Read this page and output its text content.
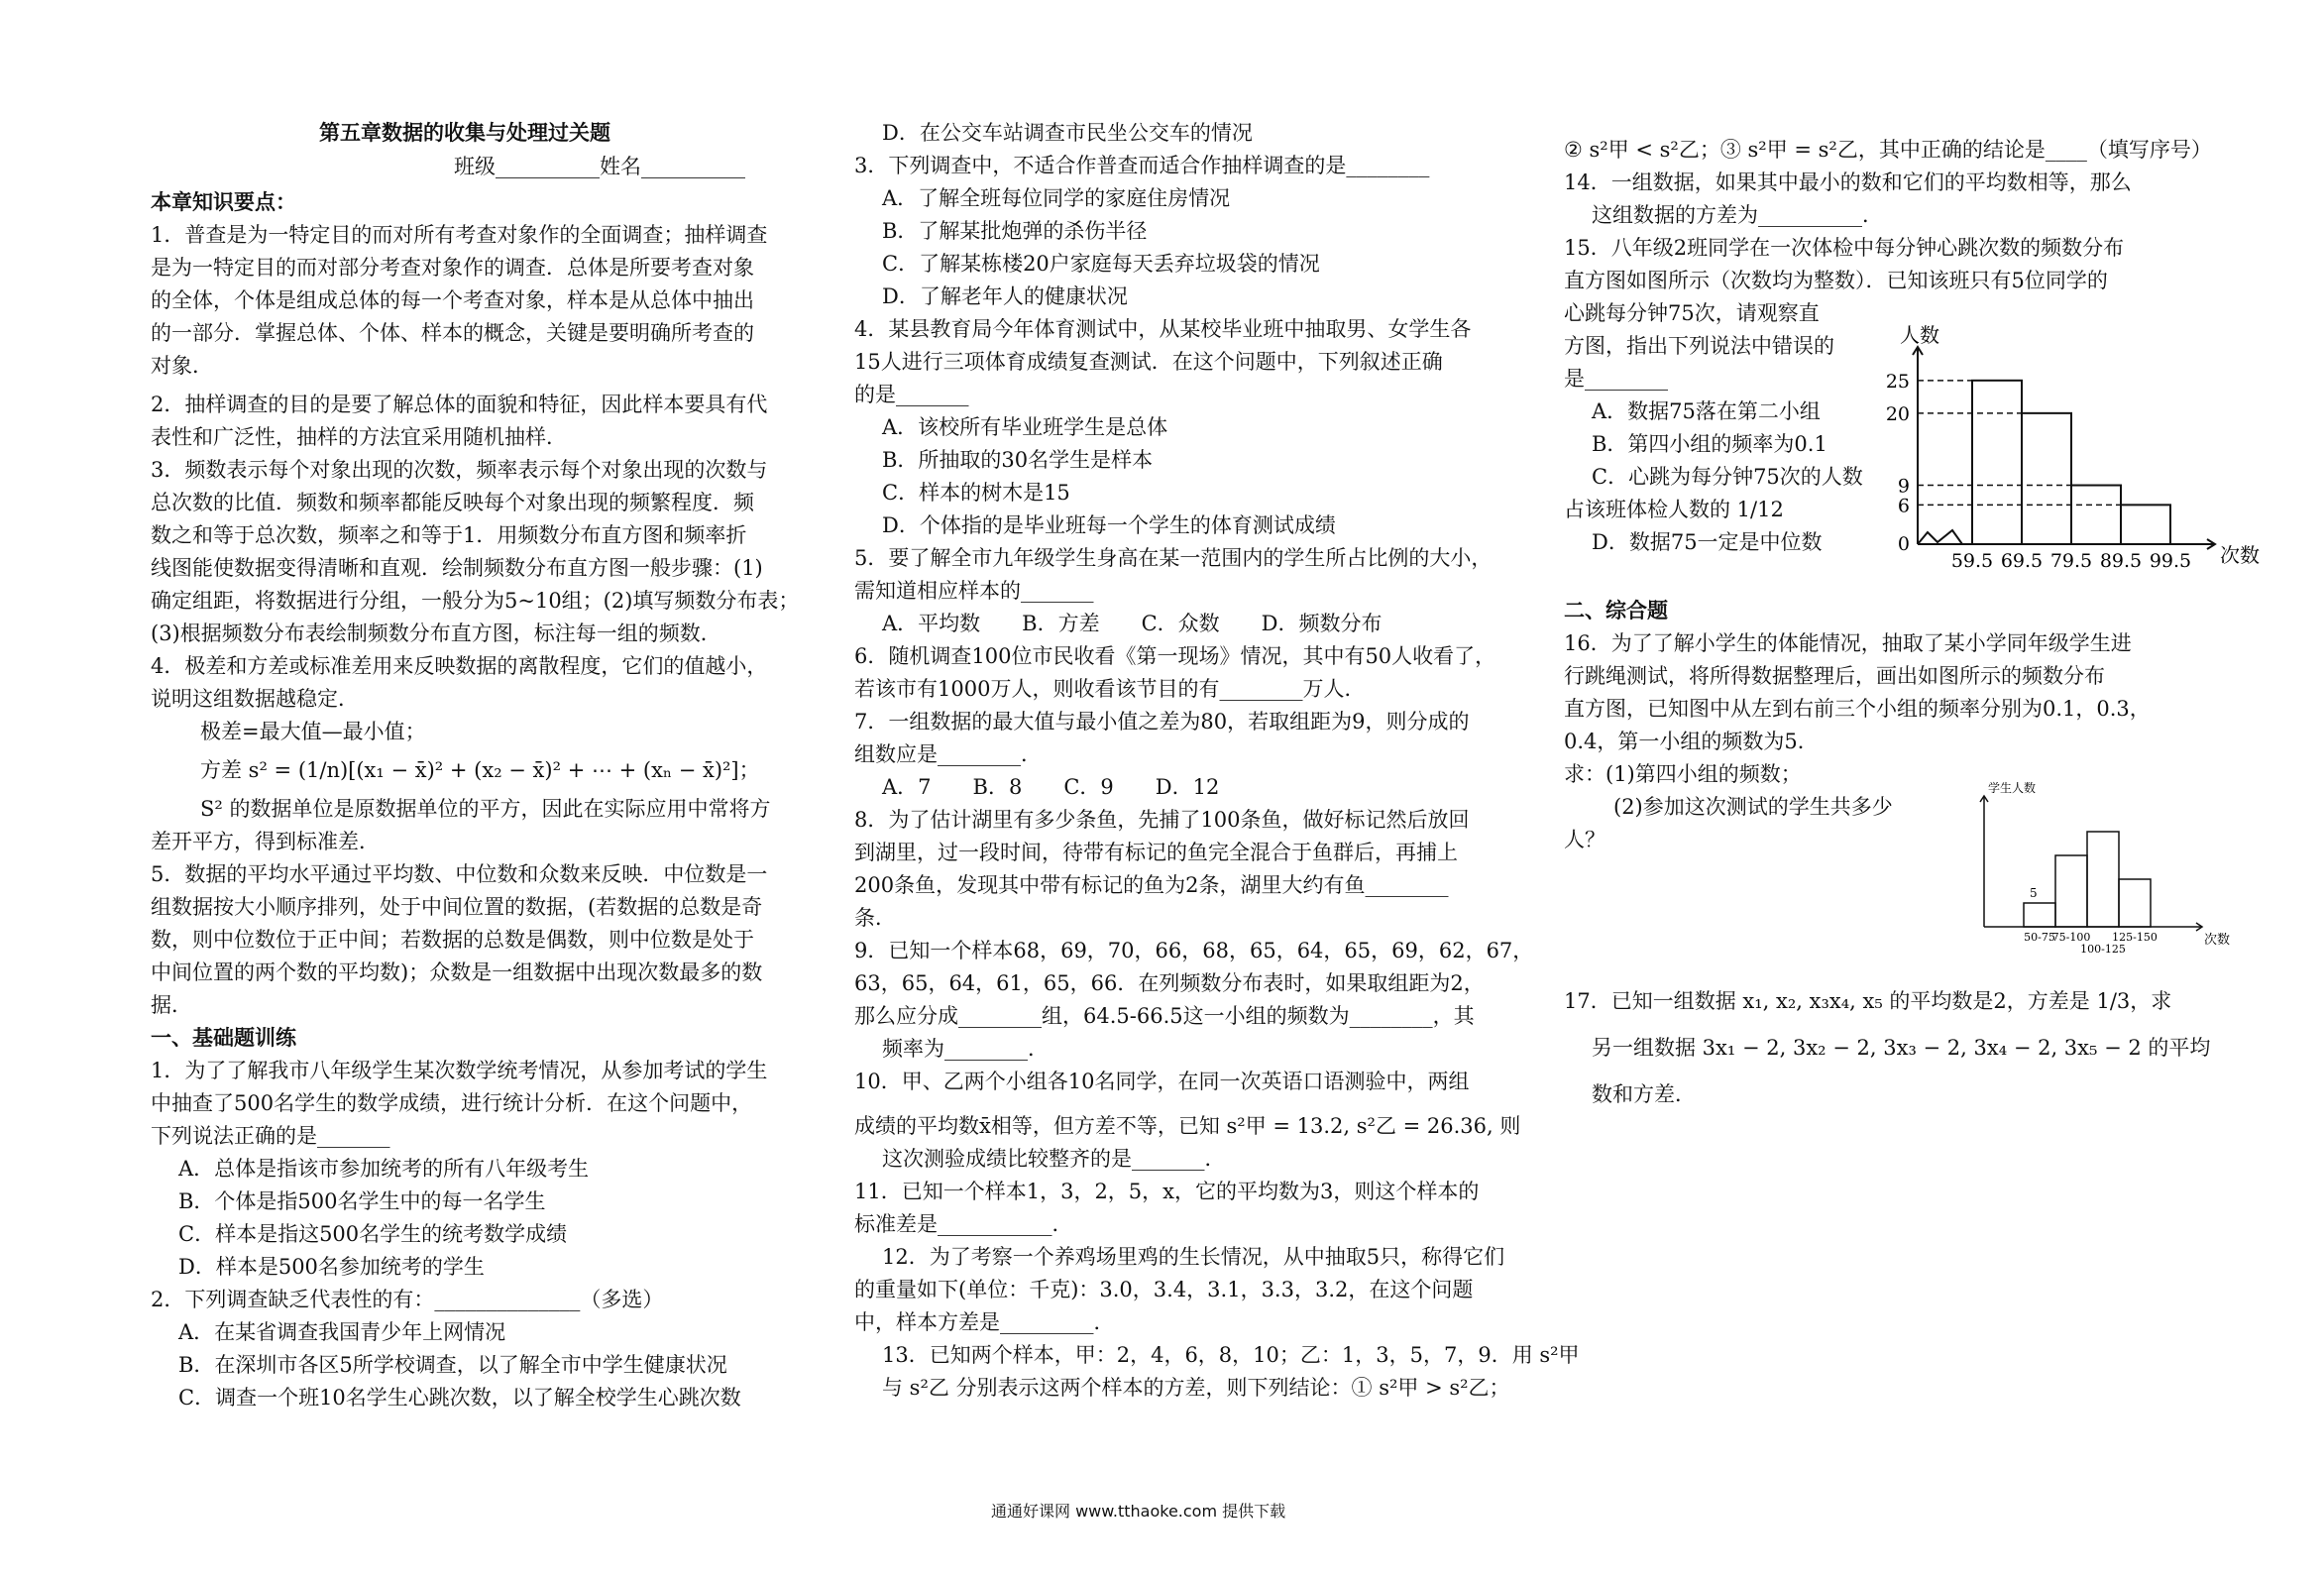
第五章数据的收集与处理过关题
班级__________姓名__________
本章知识要点：
1．普查是为一特定目的而对所有考查对象作的全面调查；抽样调查
是为一特定目的而对部分考查对象作的调查．总体是所要考查对象
的全体，个体是组成总体的每一个考查对象，样本是从总体中抽出
的一部分．掌握总体、个体、样本的概念，关键是要明确所考查的
对象．
2．抽样调查的目的是要了解总体的面貌和特征，因此样本要具有代
表性和广泛性，抽样的方法宜采用随机抽样．
3．频数表示每个对象出现的次数，频率表示每个对象出现的次数与
总次数的比值．频数和频率都能反映每个对象出现的频繁程度．频
数之和等于总次数，频率之和等于1．用频数分布直方图和频率折
线图能使数据变得清晰和直观．绘制频数分布直方图一般步骤：(1)
确定组距，将数据进行分组，一般分为5~10组；(2)填写频数分布表；
(3)根据频数分布表绘制频数分布直方图，标注每一组的频数．
4．极差和方差或标准差用来反映数据的离散程度，它们的值越小，
说明这组数据越稳定．
极差=最大值—最小值；
方差 s² = (1/n)[(x₁ − x̄)² + (x₂ − x̄)² + ⋯ + (xₙ − x̄)²]；
S² 的数据单位是原数据单位的平方，因此在实际应用中常将方
差开平方，得到标准差．
5．数据的平均水平通过平均数、中位数和众数来反映．中位数是一
组数据按大小顺序排列，处于中间位置的数据，(若数据的总数是奇
数，则中位数位于正中间；若数据的总数是偶数，则中位数是处于
中间位置的两个数的平均数)；众数是一组数据中出现次数最多的数
据．
一、基础题训练
1．为了了解我市八年级学生某次数学统考情况，从参加考试的学生
中抽查了500名学生的数学成绩，进行统计分析．在这个问题中，
下列说法正确的是_______
A．总体是指该市参加统考的所有八年级考生
B．个体是指500名学生中的每一名学生
C．样本是指这500名学生的统考数学成绩
D．样本是500名参加统考的学生
2．下列调查缺乏代表性的有：______________（多选）
A．在某省调查我国青少年上网情况
B．在深圳市各区5所学校调查，以了解全市中学生健康状况
C．调查一个班10名学生心跳次数，以了解全校学生心跳次数
D．在公交车站调查市民坐公交车的情况
3．下列调查中，不适合作普查而适合作抽样调查的是________
A．了解全班每位同学的家庭住房情况
B．了解某批炮弹的杀伤半径
C．了解某栋楼20户家庭每天丢弃垃圾袋的情况
D．了解老年人的健康状况
4．某县教育局今年体育测试中，从某校毕业班中抽取男、女学生各
15人进行三项体育成绩复查测试．在这个问题中，下列叙述正确
的是_______
A．该校所有毕业班学生是总体
B．所抽取的30名学生是样本
C．样本的树木是15
D．个体指的是毕业班每一个学生的体育测试成绩
5．要了解全市九年级学生身高在某一范围内的学生所占比例的大小，
需知道相应样本的_______
A．平均数　　B．方差　　C．众数　　D．频数分布
6．随机调查100位市民收看《第一现场》情况，其中有50人收看了，
若该市有1000万人，则收看该节目的有________万人．
7．一组数据的最大值与最小值之差为80，若取组距为9，则分成的
组数应是________．
A．7　　B．8　　C．9　　D．12
8．为了估计湖里有多少条鱼，先捕了100条鱼，做好标记然后放回
到湖里，过一段时间，待带有标记的鱼完全混合于鱼群后，再捕上
200条鱼，发现其中带有标记的鱼为2条，湖里大约有鱼________
条．
9．已知一个样本68，69，70，66，68，65，64，65，69，62，67，
63，65，64，61，65，66．在列频数分布表时，如果取组距为2，
那么应分成________组，64.5-66.5这一小组的频数为________，其
频率为________．
10．甲、乙两个小组各10名同学，在同一次英语口语测验中，两组
成绩的平均数x̄相等，但方差不等，已知 s²甲 = 13.2, s²乙 = 26.36, 则
这次测验成绩比较整齐的是_______．
11．已知一个样本1，3，2，5，x，它的平均数为3，则这个样本的
标准差是___________．
12．为了考察一个养鸡场里鸡的生长情况，从中抽取5只，称得它们
的重量如下(单位：千克)：3.0，3.4，3.1，3.3，3.2，在这个问题
中，样本方差是_________．
13．已知两个样本，甲：2，4，6，8，10；乙：1，3，5，7，9．用 s²甲
与 s²乙 分别表示这两个样本的方差，则下列结论：① s²甲 > s²乙；
② s²甲 < s²乙；③ s²甲 = s²乙，其中正确的结论是____（填写序号）
14．一组数据，如果其中最小的数和它们的平均数相等，那么
这组数据的方差为__________．
15．八年级2班同学在一次体检中每分钟心跳次数的频数分布
直方图如图所示（次数均为整数）．已知该班只有5位同学的
心跳每分钟75次，请观察直
方图，指出下列说法中错误的
是________
A．数据75落在第二小组
B．第四小组的频率为0.1
C．心跳为每分钟75次的人数
占该班体检人数的 1/12
D．数据75一定是中位数
二、综合题
16．为了了解小学生的体能情况，抽取了某小学同年级学生进
行跳绳测试，将所得数据整理后，画出如图所示的频数分布
直方图，已知图中从左到右前三个小组的频率分别为0.1，0.3，
0.4，第一小组的频数为5．
求：(1)第四小组的频数；
(2)参加这次测试的学生共多少
人？
17．已知一组数据 x₁, x₂, x₃x₄, x₅ 的平均数是2，方差是 1/3，求
另一组数据 3x₁ − 2, 3x₂ − 2, 3x₃ − 2, 3x₄ − 2, 3x₅ − 2 的平均
数和方差．
人数
次数
0
6
9
20
25
59.5 69.5 79.5 89.5 99.5
学生人数
次数
5
50-75
75-100
100-125
125-150
通通好课网 www.tthaoke.com 提供下载
